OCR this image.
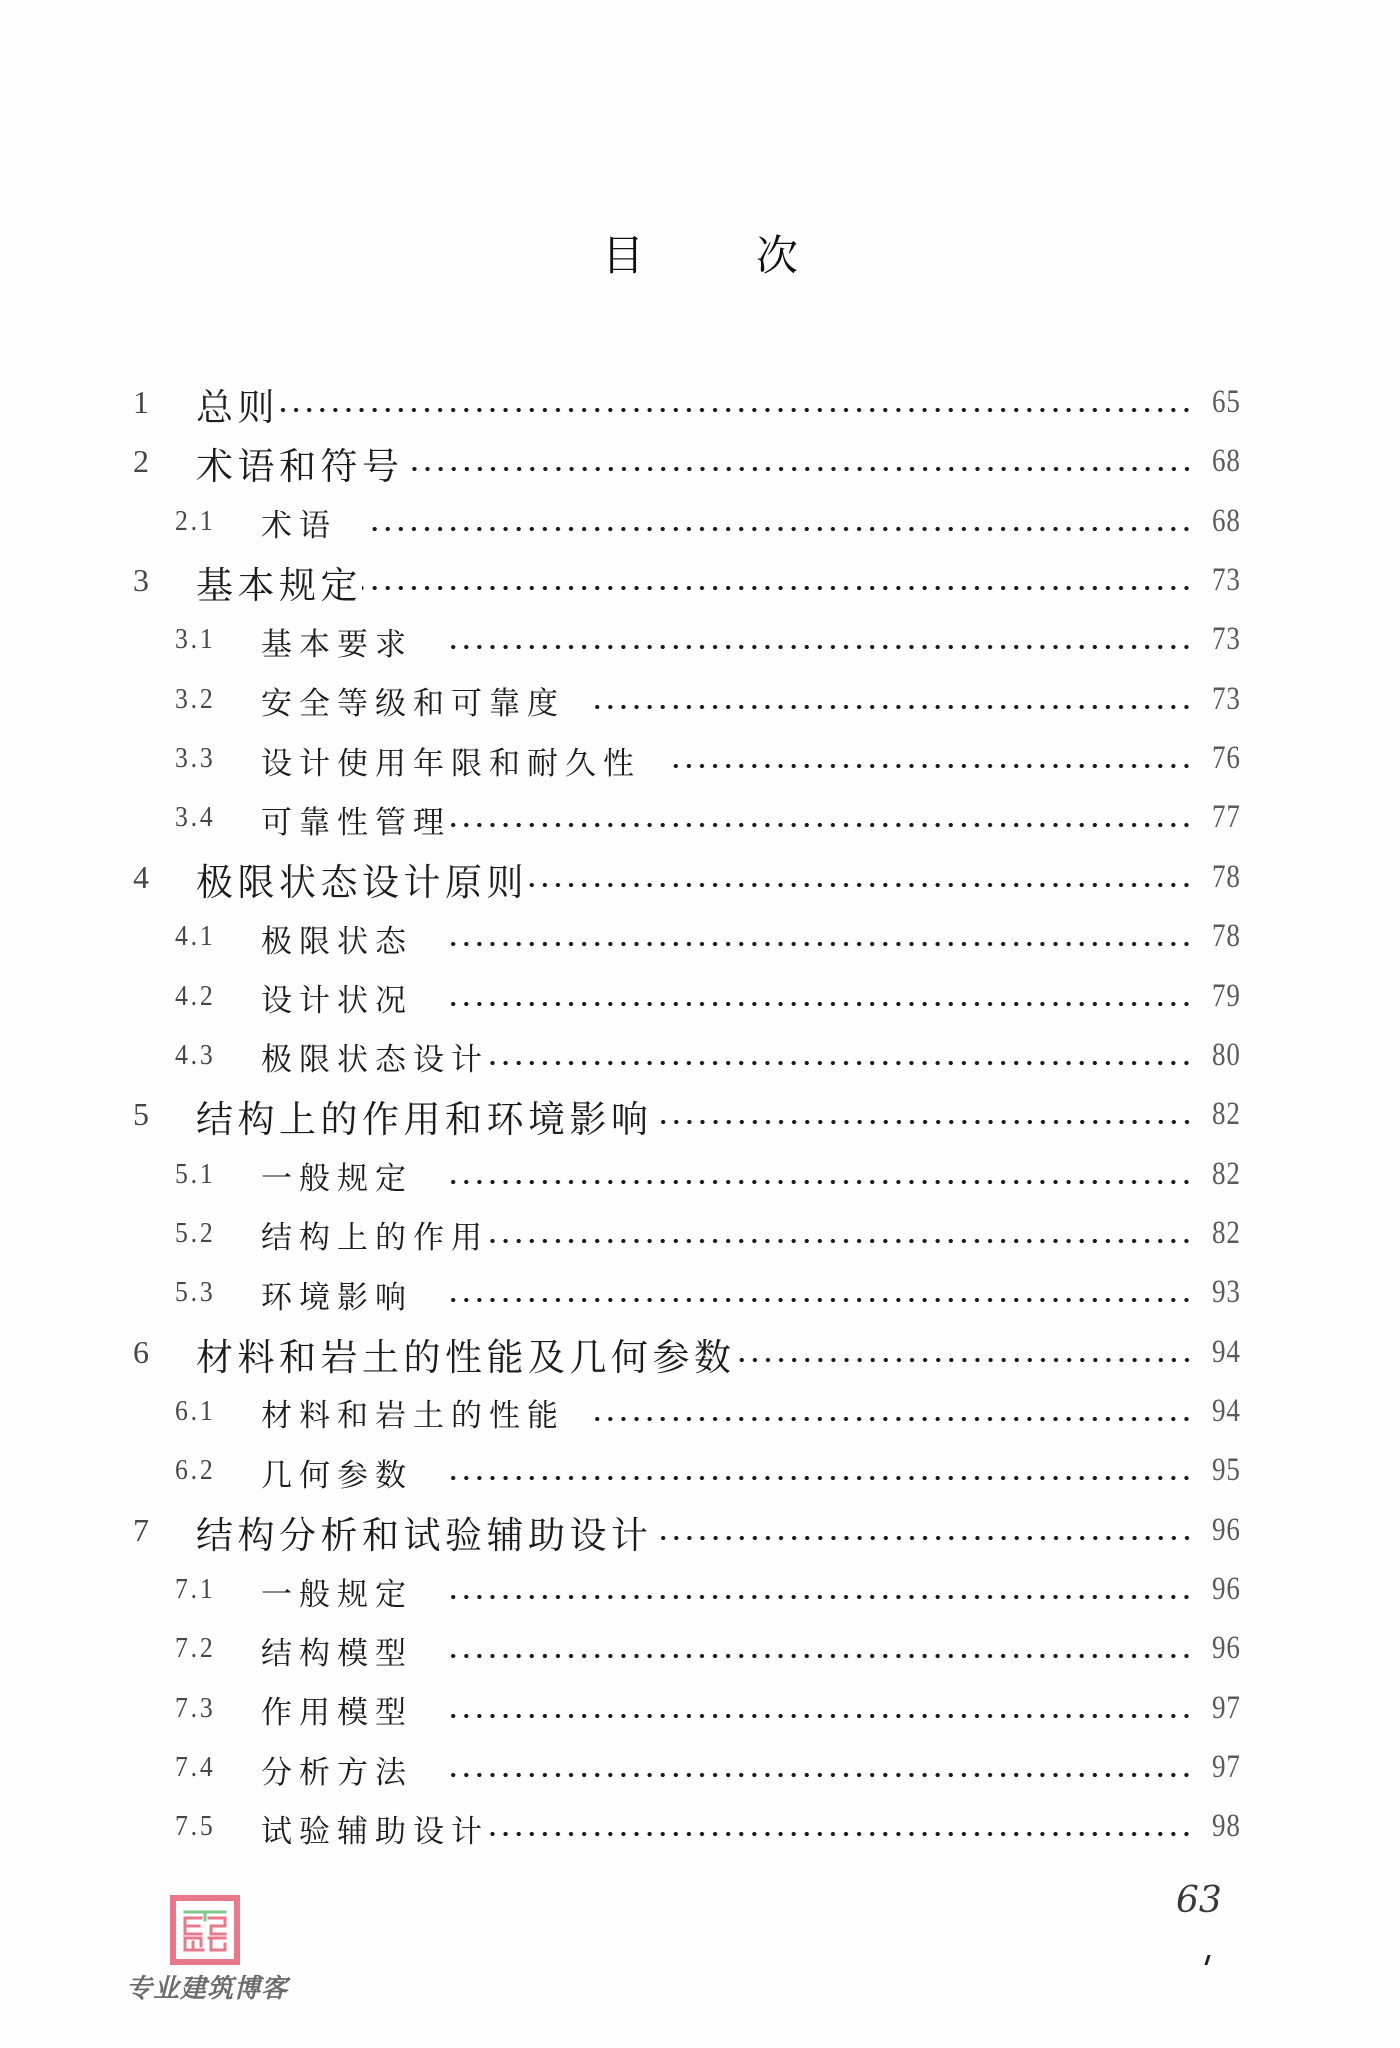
目	次
1 总则	65
2 术语和符号	68
2.1 术语	68
3 基本规定	73
3.1 基本要求	73
3.2 安全等级和可靠度	73
3.3 设计使用年限和耐久性	76
3.4 可靠性管理	77
4 极限状态设计原则	78
4.1 极限状态	78
4.2 设计状况	79
4.3 极限状态设计	80
5 结构上的作用和环境影响	82
5.1 一般规定	82
5.2 结构上的作用	82
5.3 环境影响	93
6 材料和岩土的性能及几何参数	94
6.1 材料和岩土的性能	94
6.2 几何参数	95
7 结构分析和试验辅助设计	96
7.1 一般规定	96
7.2 结构模型	96
7.3 作用模型	97
7.4 分析方法	97
7.5 试验辅助设计	98
63
专业建筑博客
